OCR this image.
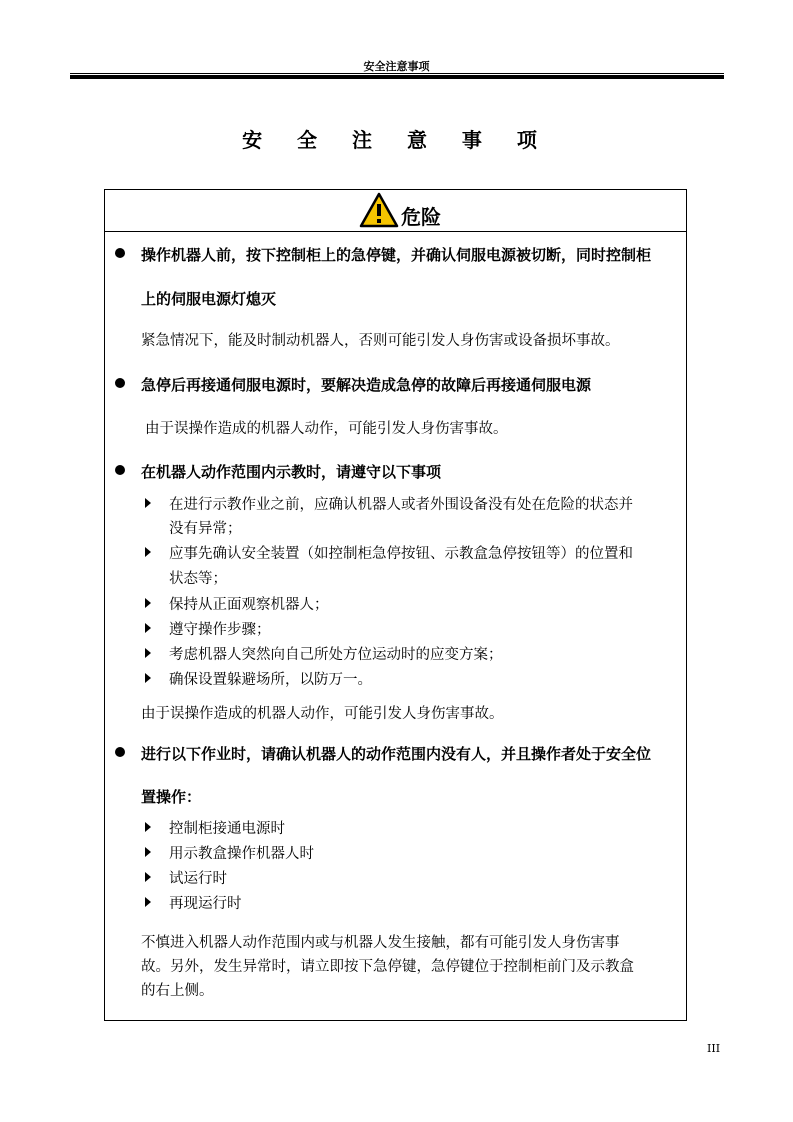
安全注意事项
安 全 注 意 事 项
危险
操作机器人前，按下控制柜上的急停键，并确认伺服电源被切断，同时控制柜
上的伺服电源灯熄灭
紧急情况下，能及时制动机器人，否则可能引发人身伤害或设备损坏事故。
急停后再接通伺服电源时，要解决造成急停的故障后再接通伺服电源
由于误操作造成的机器人动作，可能引发人身伤害事故。
在机器人动作范围内示教时，请遵守以下事项
在进行示教作业之前，应确认机器人或者外围设备没有处在危险的状态并
没有异常；
应事先确认安全装置（如控制柜急停按钮、示教盒急停按钮等）的位置和
状态等；
保持从正面观察机器人；
遵守操作步骤；
考虑机器人突然向自己所处方位运动时的应变方案；
确保设置躲避场所，以防万一。
由于误操作造成的机器人动作，可能引发人身伤害事故。
进行以下作业时，请确认机器人的动作范围内没有人，并且操作者处于安全位
置操作：
控制柜接通电源时
用示教盒操作机器人时
试运行时
再现运行时
不慎进入机器人动作范围内或与机器人发生接触，都有可能引发人身伤害事
故。另外，发生异常时，请立即按下急停键，急停键位于控制柜前门及示教盒
的右上侧。
III
